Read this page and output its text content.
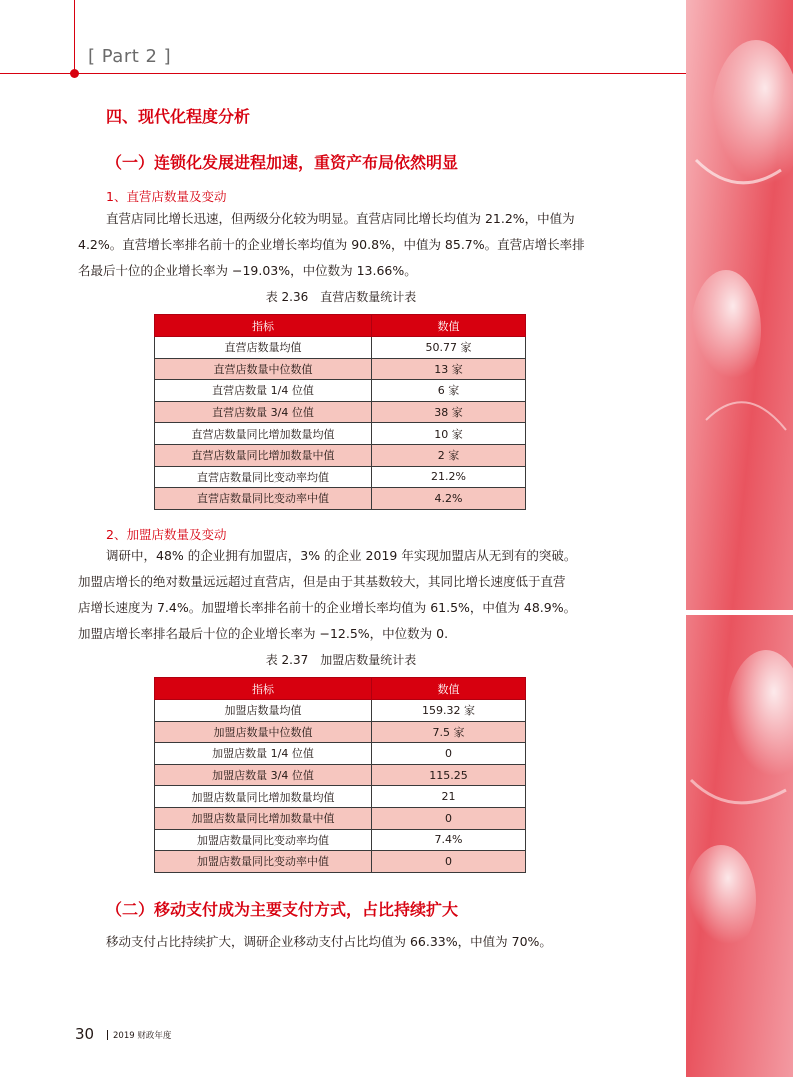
[ Part 2 ]
四、现代化程度分析
（一）连锁化发展进程加速，重资产布局依然明显
1、直营店数量及变动
直营店同比增长迅速，但两级分化较为明显。直营店同比增长均值为 21.2%，中值为
4.2%。直营增长率排名前十的企业增长率均值为 90.8%，中值为 85.7%。直营店增长率排
名最后十位的企业增长率为 −19.03%，中位数为 13.66%。
表 2.36　直营店数量统计表
指标	数值
直营店数量均值	50.77 家
直营店数量中位数值	13 家
直营店数量 1/4 位值	6 家
直营店数量 3/4 位值	38 家
直营店数量同比增加数量均值	10 家
直营店数量同比增加数量中值	2 家
直营店数量同比变动率均值	21.2%
直营店数量同比变动率中值	4.2%
2、加盟店数量及变动
调研中，48% 的企业拥有加盟店，3% 的企业 2019 年实现加盟店从无到有的突破。
加盟店增长的绝对数量远远超过直营店，但是由于其基数较大，其同比增长速度低于直营
店增长速度为 7.4%。加盟增长率排名前十的企业增长率均值为 61.5%，中值为 48.9%。
加盟店增长率排名最后十位的企业增长率为 −12.5%，中位数为 0.
表 2.37　加盟店数量统计表
指标	数值
加盟店数量均值	159.32 家
加盟店数量中位数值	7.5 家
加盟店数量 1/4 位值	0
加盟店数量 3/4 位值	115.25
加盟店数量同比增加数量均值	21
加盟店数量同比增加数量中值	0
加盟店数量同比变动率均值	7.4%
加盟店数量同比变动率中值	0
（二）移动支付成为主要支付方式，占比持续扩大
移动支付占比持续扩大，调研企业移动支付占比均值为 66.33%，中值为 70%。
30 2019 财政年度
